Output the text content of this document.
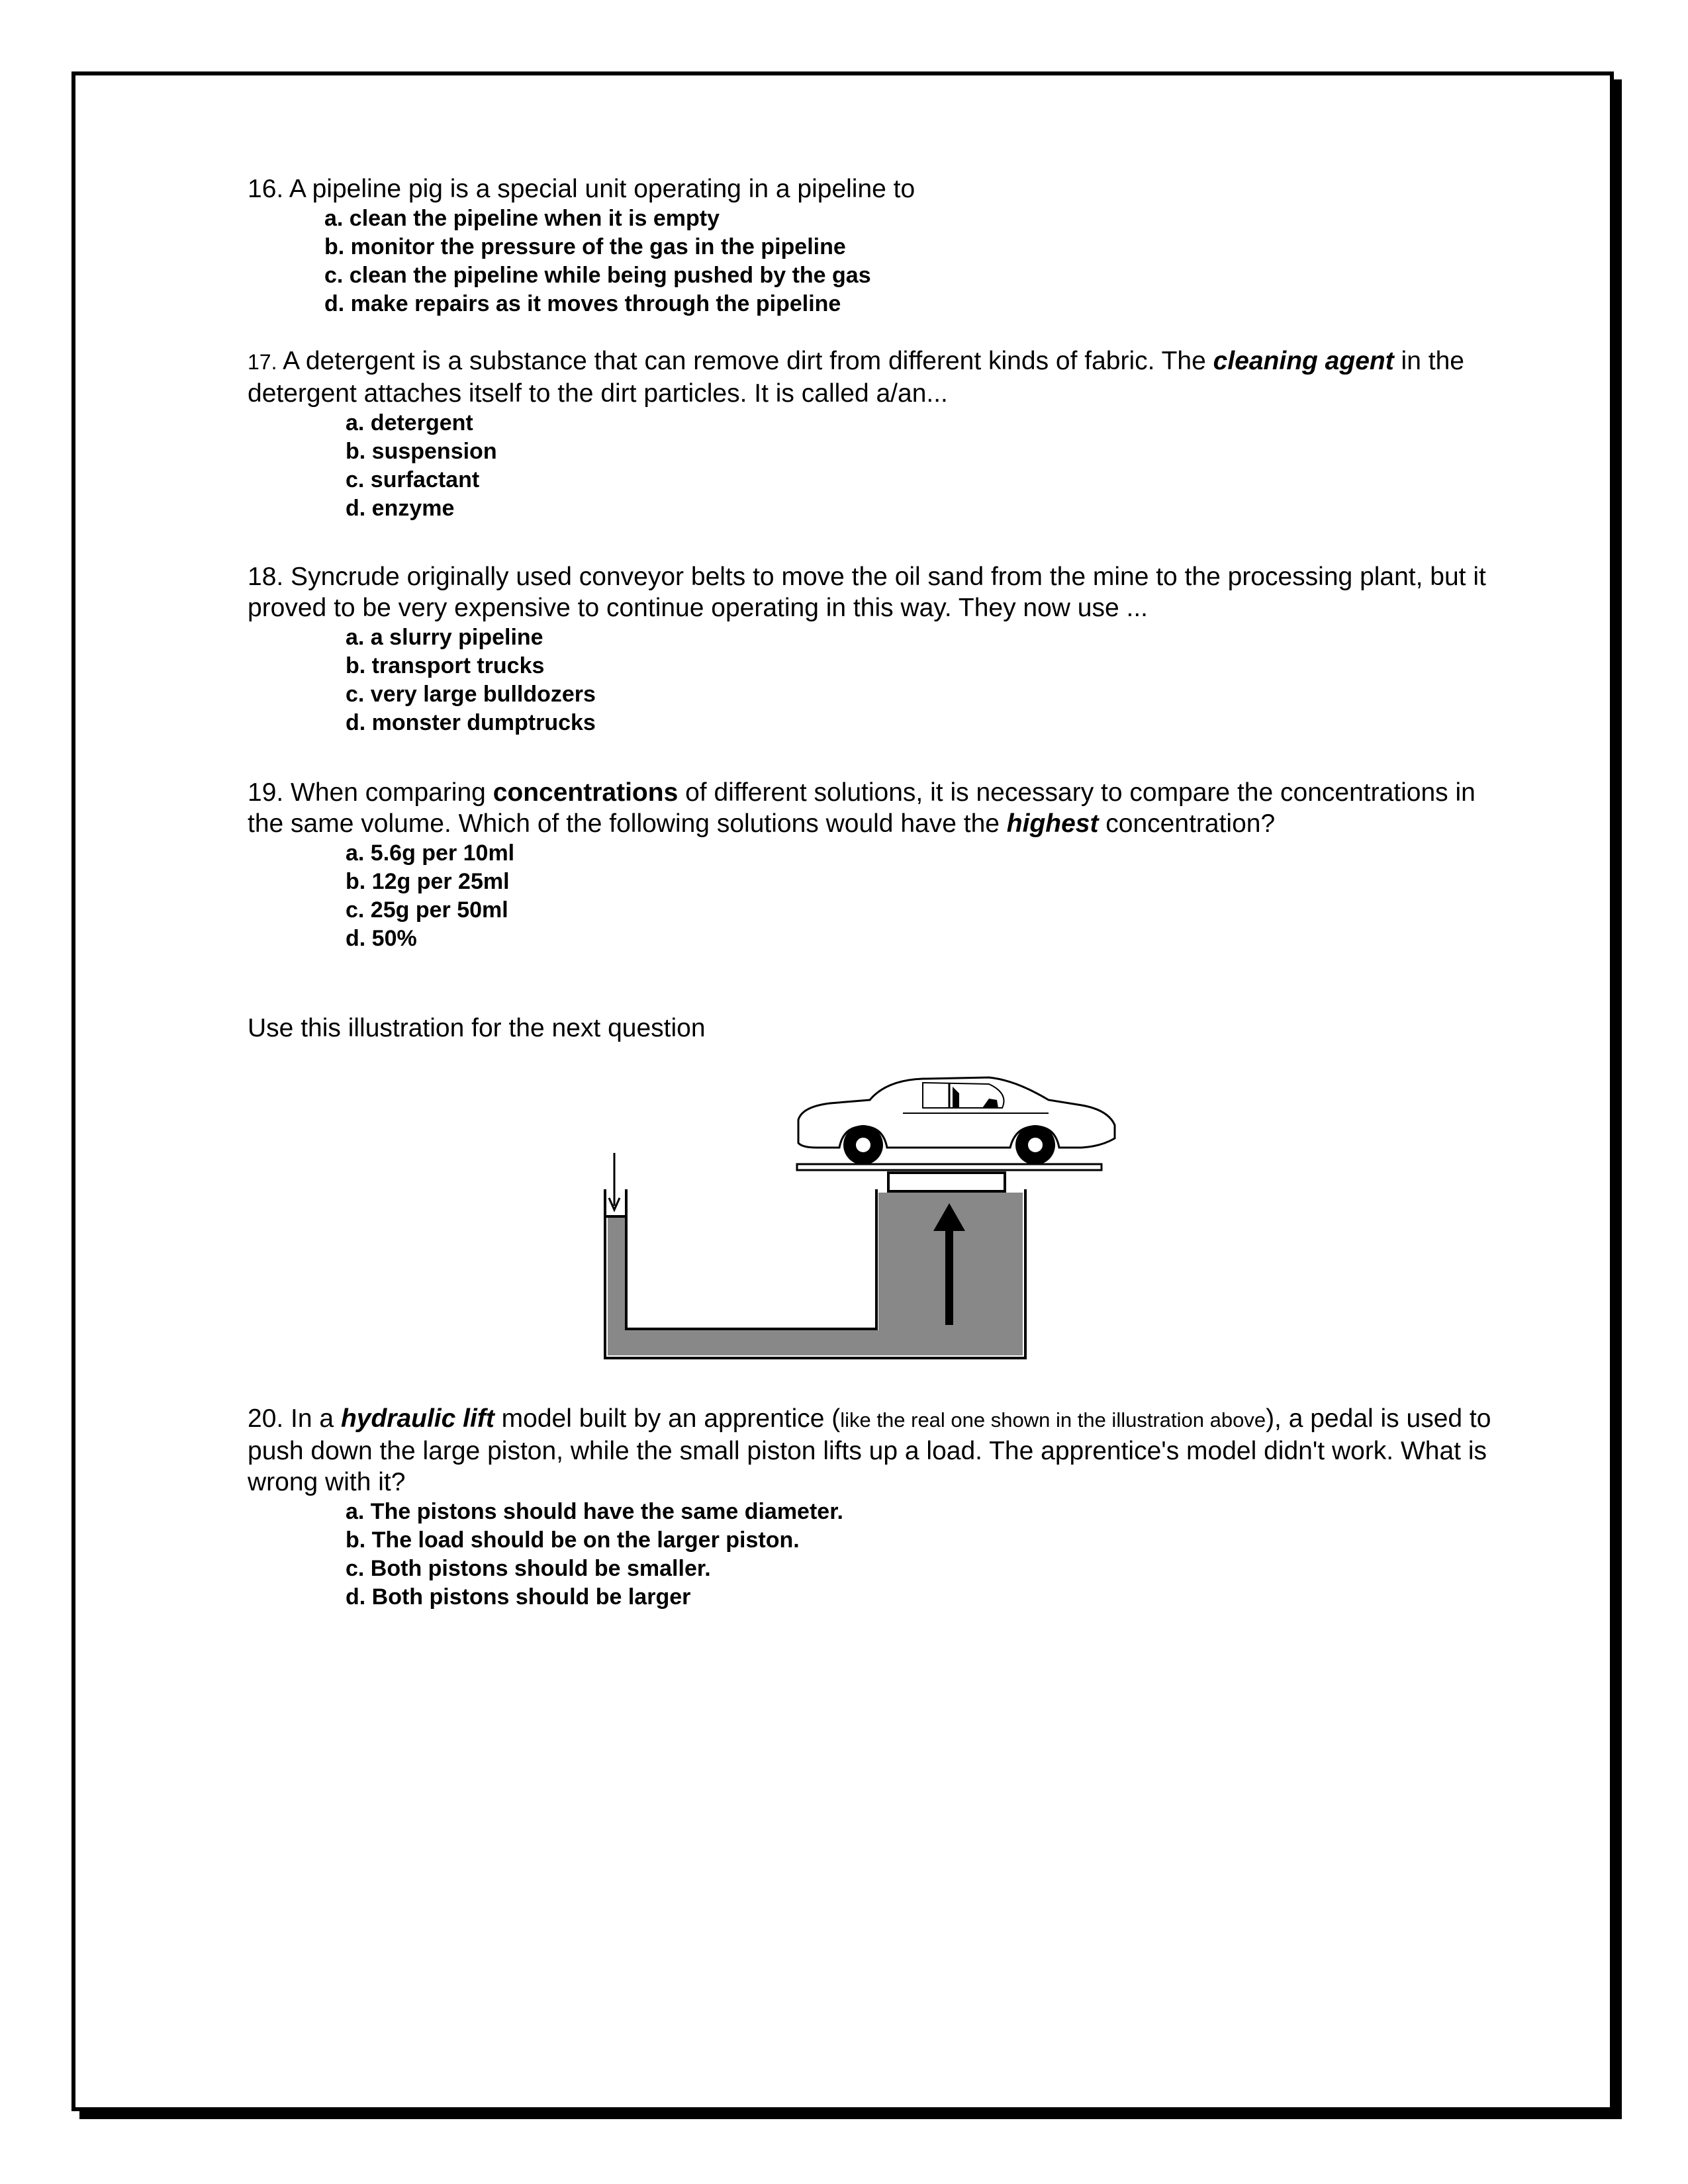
16. A pipeline pig is a special unit operating in a pipeline to

a. clean the pipeline when it is empty
b. monitor the pressure of the gas in the pipeline
c. clean the pipeline while being pushed by the gas
d. make repairs as it moves through the pipeline

17. A detergent is a substance that can remove dirt from different kinds of fabric. The cleaning agent in the detergent attaches itself to the dirt particles. It is called a/an...

a. detergent
b. suspension
c. surfactant
d. enzyme

18. Syncrude originally used conveyor belts to move the oil sand from the mine to the processing plant, but it proved to be very expensive to continue operating in this way. They now use ...

a. a slurry pipeline
b. transport trucks
c. very large bulldozers
d. monster dumptrucks

19. When comparing concentrations of different solutions, it is necessary to compare the concentrations in the same volume. Which of the following solutions would have the highest concentration?

a. 5.6g per 10ml
b. 12g per 25ml
c. 25g per 50ml
d. 50%

Use this illustration for the next question

20. In a hydraulic lift model built by an apprentice (like the real one shown in the illustration above), a pedal is used to push down the large piston, while the small piston lifts up a load. The apprentice's model didn't work. What is wrong with it?

a. The pistons should have the same diameter.
b. The load should be on the larger piston.
c. Both pistons should be smaller.
d. Both pistons should be larger
